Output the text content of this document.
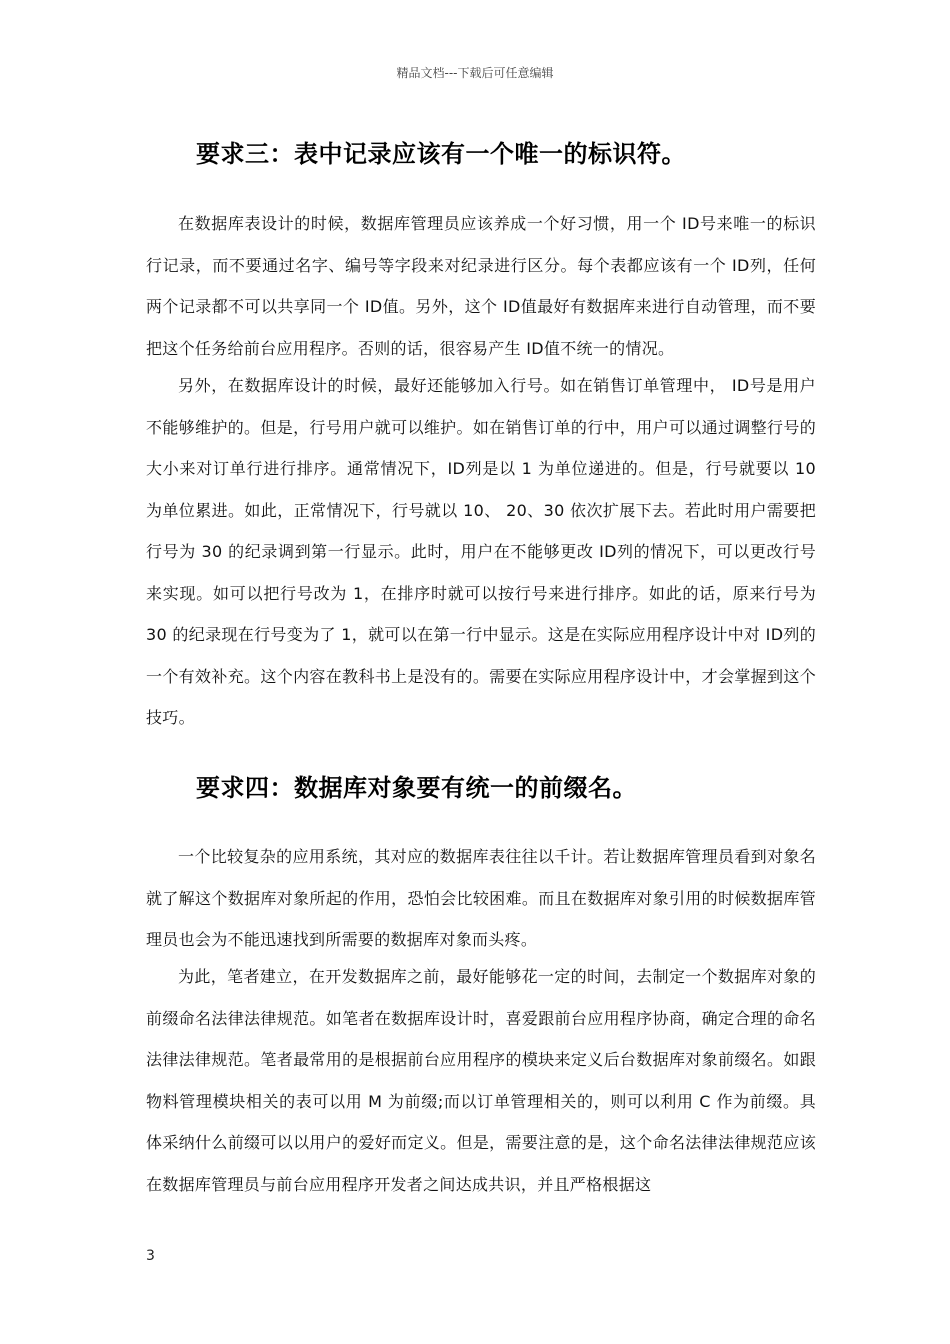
精品文档---下载后可任意编辑
要求三：表中记录应该有一个唯一的标识符。

在数据库表设计的时候，数据库管理员应该养成一个好习惯，用一个 ID号来唯一的标识行记录，而不要通过名字、编号等字段来对纪录进行区分。每个表都应该有一个 ID列，任何两个记录都不可以共享同一个 ID值。另外，这个 ID值最好有数据库来进行自动管理，而不要把这个任务给前台应用程序。否则的话，很容易产生 ID值不统一的情况。

另外，在数据库设计的时候，最好还能够加入行号。如在销售订单管理中， ID号是用户不能够维护的。但是，行号用户就可以维护。如在销售订单的行中，用户可以通过调整行号的大小来对订单行进行排序。通常情况下，ID列是以 1 为单位递进的。但是，行号就要以 10 为单位累进。如此，正常情况下，行号就以 10、 20、30 依次扩展下去。若此时用户需要把行号为 30 的纪录调到第一行显示。此时，用户在不能够更改 ID列的情况下，可以更改行号来实现。如可以把行号改为 1，在排序时就可以按行号来进行排序。如此的话，原来行号为 30 的纪录现在行号变为了 1，就可以在第一行中显示。这是在实际应用程序设计中对 ID列的一个有效补充。这个内容在教科书上是没有的。需要在实际应用程序设计中，才会掌握到这个技巧。

要求四：数据库对象要有统一的前缀名。

一个比较复杂的应用系统，其对应的数据库表往往以千计。若让数据库管理员看到对象名就了解这个数据库对象所起的作用，恐怕会比较困难。而且在数据库对象引用的时候数据库管理员也会为不能迅速找到所需要的数据库对象而头疼。

为此，笔者建立，在开发数据库之前，最好能够花一定的时间，去制定一个数据库对象的前缀命名法律法律规范。如笔者在数据库设计时，喜爱跟前台应用程序协商，确定合理的命名法律法律规范。笔者最常用的是根据前台应用程序的模块来定义后台数据库对象前缀名。如跟物料管理模块相关的表可以用 M 为前缀;而以订单管理相关的，则可以利用 C 作为前缀。具体采纳什么前缀可以以用户的爱好而定义。但是，需要注意的是，这个命名法律法律规范应该在数据库管理员与前台应用程序开发者之间达成共识，并且严格根据这

3
